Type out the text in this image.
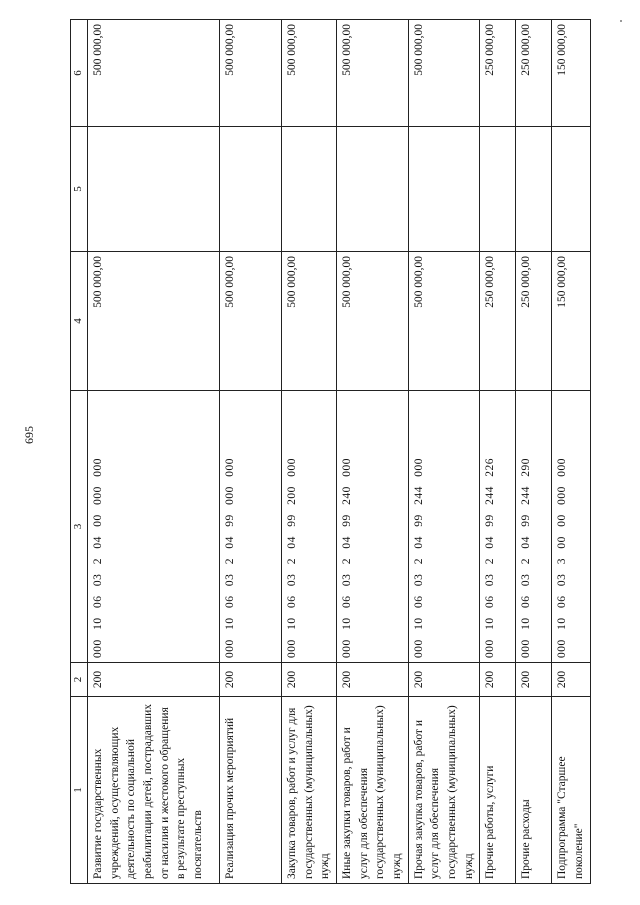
695
1	2	3	4	5	6
Развитие государственных учреждений, осуществляющих деятельность по социальной реабилитации детей, пострадавших от насилия и жестокого обращения в результате преступных посягательств	200	000 10 06 03 2 04 00 000 000	500 000,00		500 000,00
Реализация прочих мероприятий	200	000 10 06 03 2 04 99 000 000	500 000,00		500 000,00
Закупка товаров, работ и услуг для государственных (муниципальных) нужд	200	000 10 06 03 2 04 99 200 000	500 000,00		500 000,00
Иные закупки товаров, работ и услуг для обеспечения государственных (муниципальных) нужд	200	000 10 06 03 2 04 99 240 000	500 000,00		500 000,00
Прочая закупка товаров, работ и услуг для обеспечения государственных (муниципальных) нужд	200	000 10 06 03 2 04 99 244 000	500 000,00		500 000,00
Прочие работы, услуги	200	000 10 06 03 2 04 99 244 226	250 000,00		250 000,00
Прочие расходы	200	000 10 06 03 2 04 99 244 290	250 000,00		250 000,00
Подпрограмма "Старшее поколение"	200	000 10 06 03 3 00 00 000 000	150 000,00		150 000,00
